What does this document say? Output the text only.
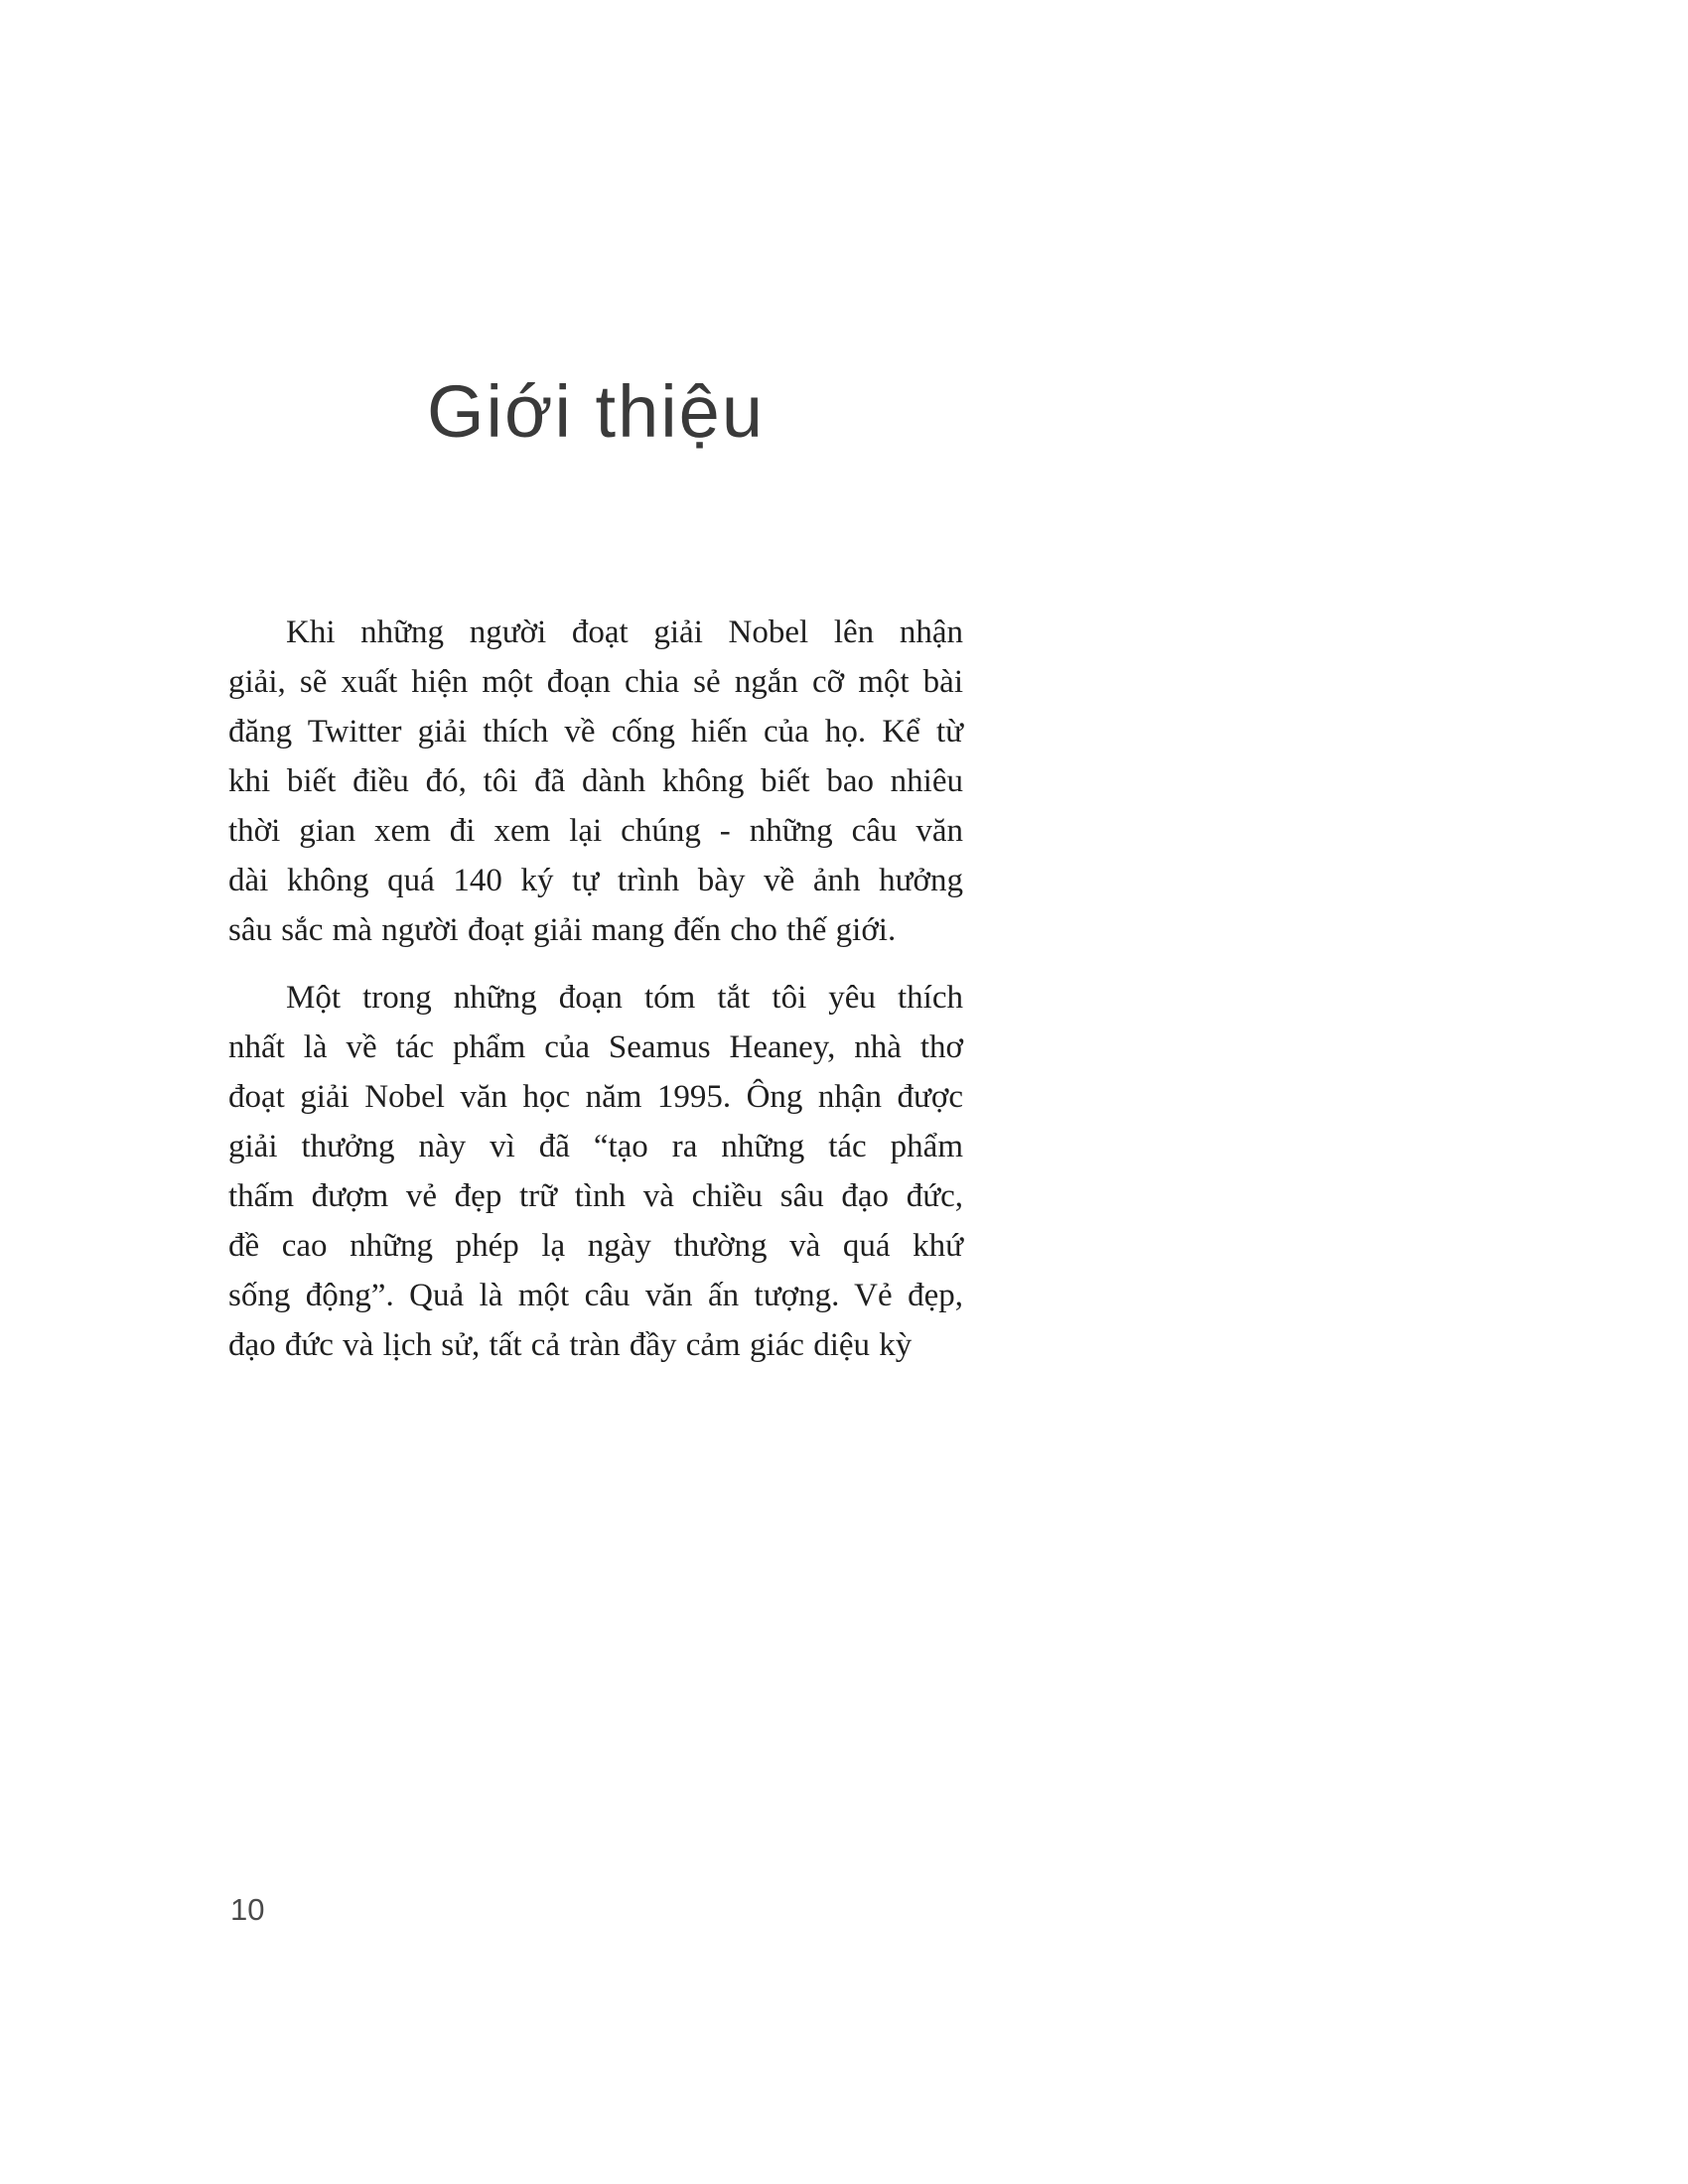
Giới thiệu
Khi những người đoạt giải Nobel lên nhận
giải, sẽ xuất hiện một đoạn chia sẻ ngắn cỡ một bài
đăng Twitter giải thích về cống hiến của họ. Kể từ
khi biết điều đó, tôi đã dành không biết bao nhiêu
thời gian xem đi xem lại chúng - những câu văn
dài không quá 140 ký tự trình bày về ảnh hưởng
sâu sắc mà người đoạt giải mang đến cho thế giới.
Một trong những đoạn tóm tắt tôi yêu thích
nhất là về tác phẩm của Seamus Heaney, nhà thơ
đoạt giải Nobel văn học năm 1995. Ông nhận được
giải thưởng này vì đã “tạo ra những tác phẩm
thấm đượm vẻ đẹp trữ tình và chiều sâu đạo đức,
đề cao những phép lạ ngày thường và quá khứ
sống động”. Quả là một câu văn ấn tượng. Vẻ đẹp,
đạo đức và lịch sử, tất cả tràn đầy cảm giác diệu kỳ
10
